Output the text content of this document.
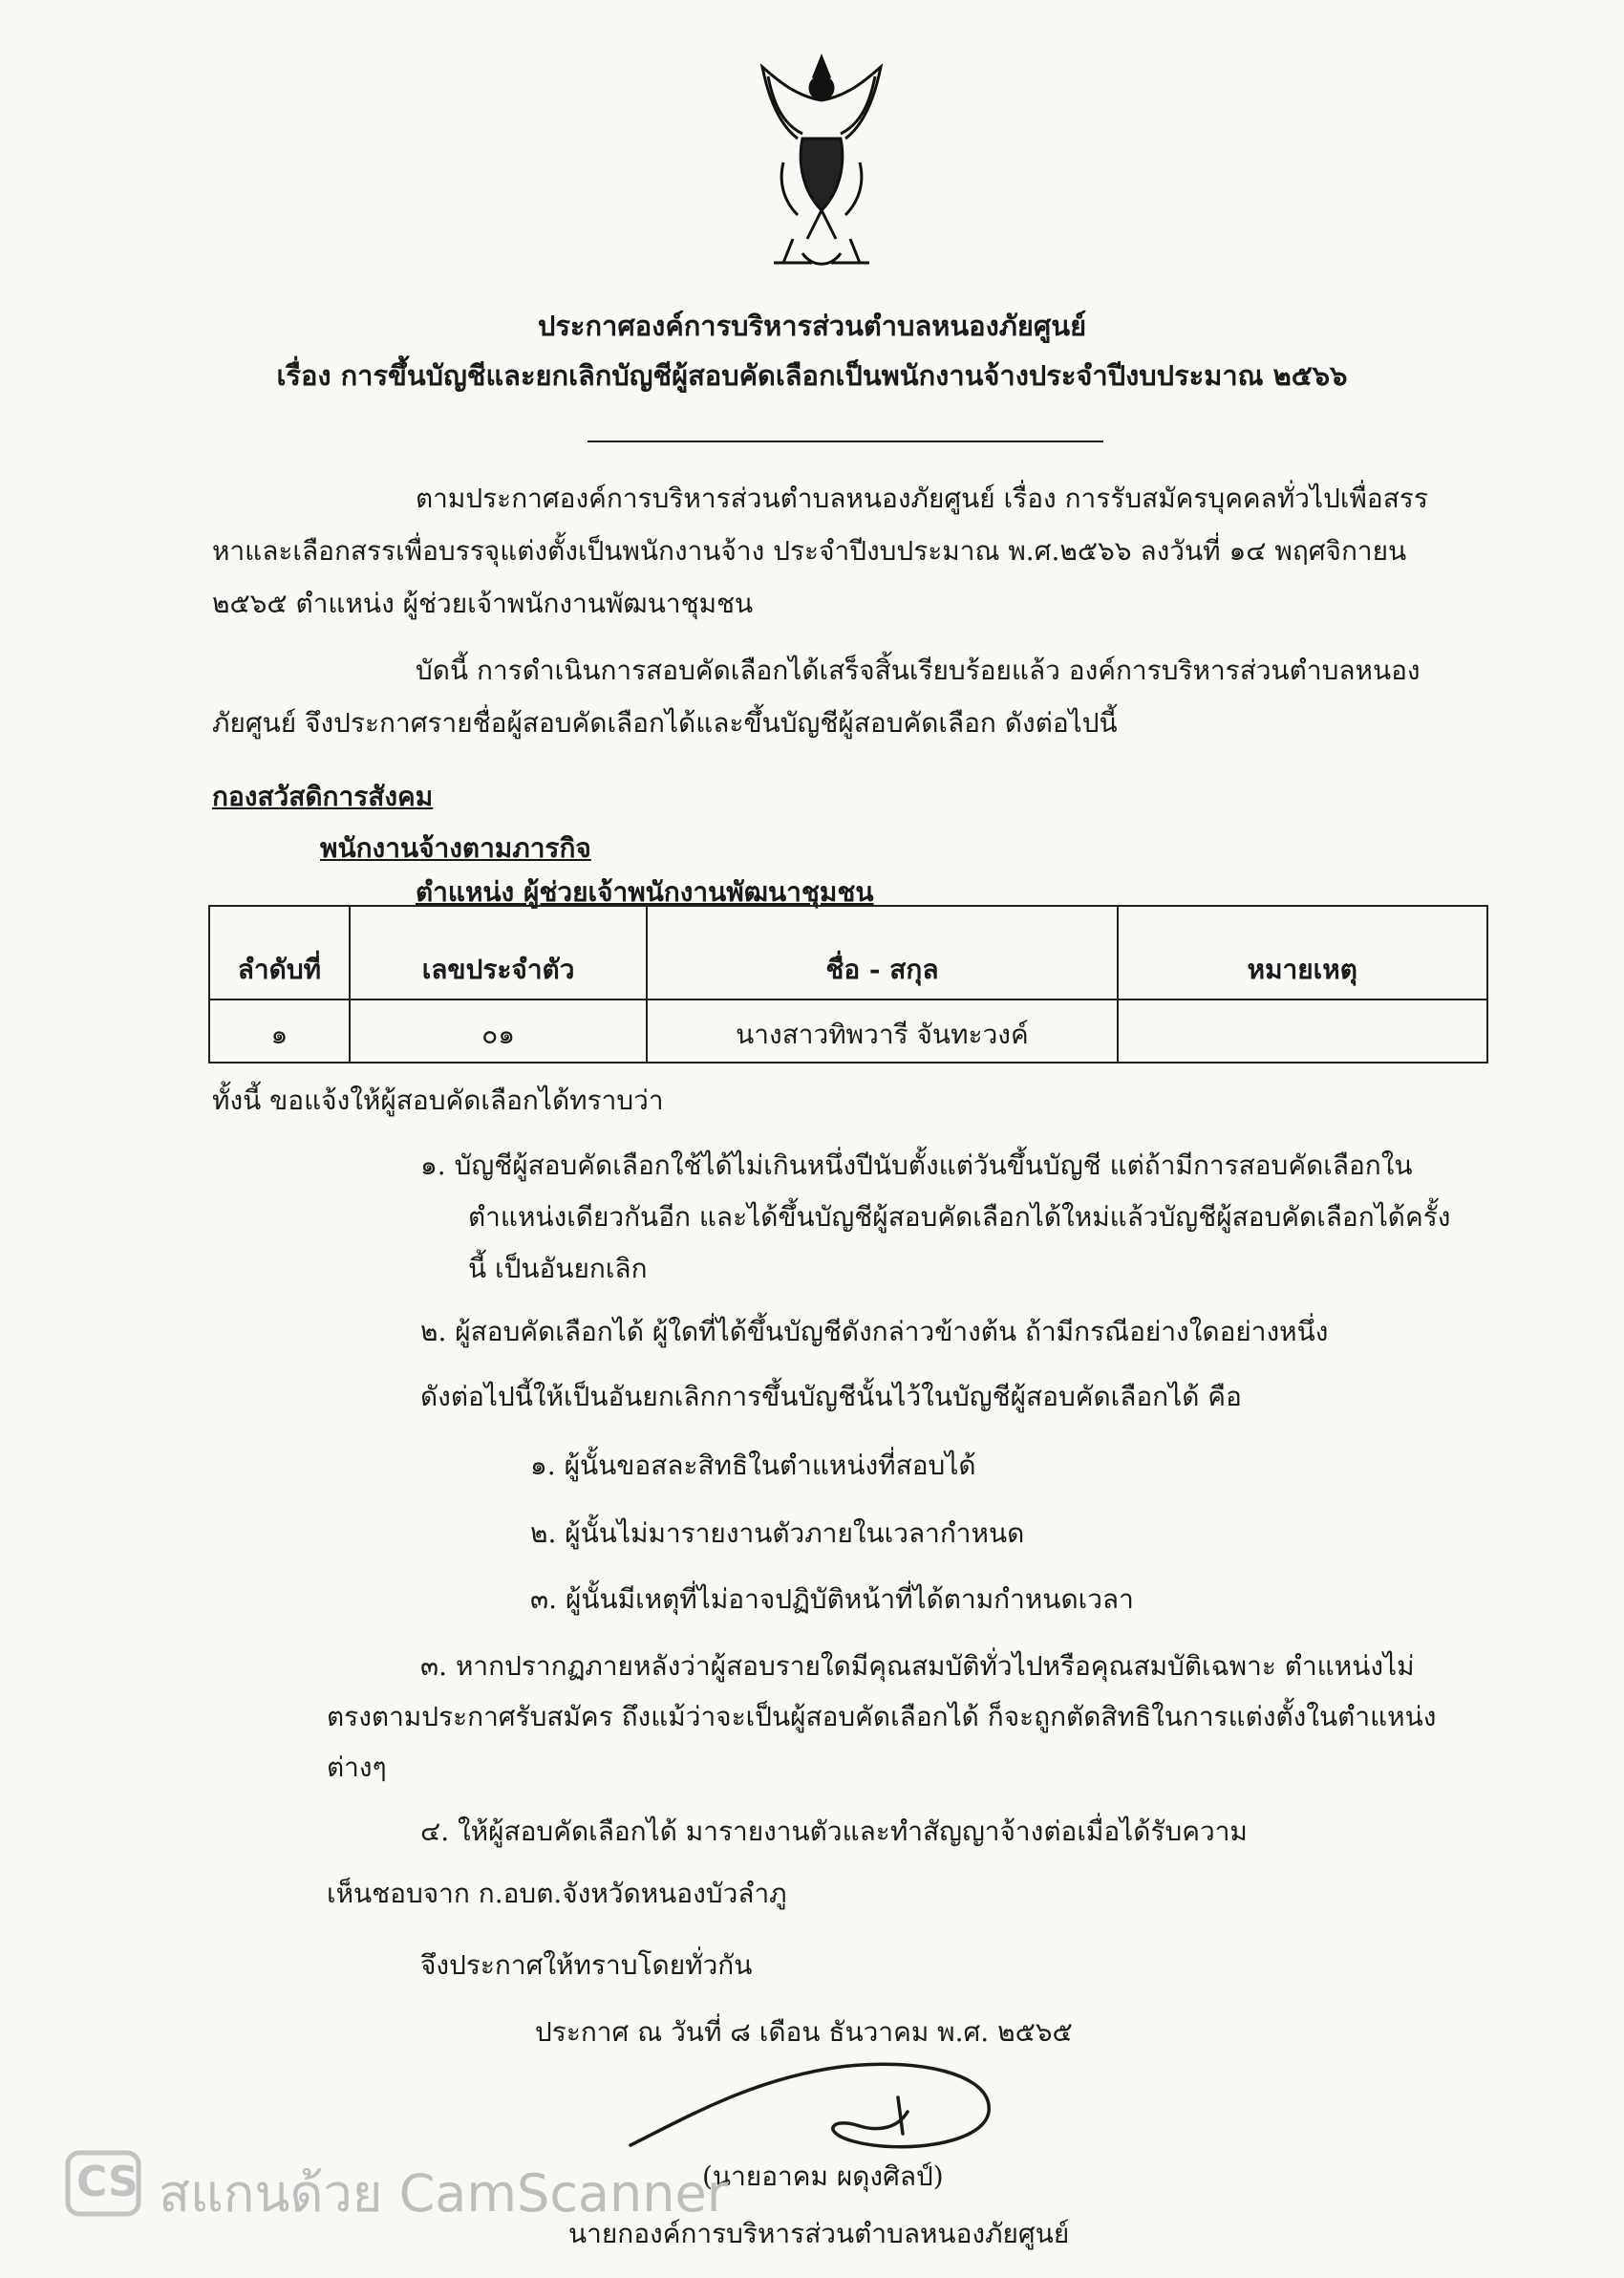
ประกาศองค์การบริหารส่วนตำบลหนองภัยศูนย์
เรื่อง การขึ้นบัญชีและยกเลิกบัญชีผู้สอบคัดเลือกเป็นพนักงานจ้างประจำปีงบประมาณ ๒๕๖๖
ตามประกาศองค์การบริหารส่วนตำบลหนองภัยศูนย์ เรื่อง การรับสมัครบุคคลทั่วไปเพื่อสรร
หาและเลือกสรรเพื่อบรรจุแต่งตั้งเป็นพนักงานจ้าง ประจำปีงบประมาณ พ.ศ.๒๕๖๖ ลงวันที่ ๑๔ พฤศจิกายน
๒๕๖๕ ตำแหน่ง ผู้ช่วยเจ้าพนักงานพัฒนาชุมชน
บัดนี้ การดำเนินการสอบคัดเลือกได้เสร็จสิ้นเรียบร้อยแล้ว องค์การบริหารส่วนตำบลหนอง
ภัยศูนย์ จึงประกาศรายชื่อผู้สอบคัดเลือกได้และขึ้นบัญชีผู้สอบคัดเลือก ดังต่อไปนี้
กองสวัสดิการสังคม
พนักงานจ้างตามภารกิจ
ตำแหน่ง ผู้ช่วยเจ้าพนักงานพัฒนาชุมชน
ลำดับที่	เลขประจำตัว	ชื่อ - สกุล	หมายเหตุ
๑	๐๑	นางสาวทิพวารี จันทะวงค์	
ทั้งนี้ ขอแจ้งให้ผู้สอบคัดเลือกได้ทราบว่า
๑. บัญชีผู้สอบคัดเลือกใช้ได้ไม่เกินหนึ่งปีนับตั้งแต่วันขึ้นบัญชี แต่ถ้ามีการสอบคัดเลือกใน
ตำแหน่งเดียวกันอีก และได้ขึ้นบัญชีผู้สอบคัดเลือกได้ใหม่แล้วบัญชีผู้สอบคัดเลือกได้ครั้ง
นี้ เป็นอันยกเลิก
๒. ผู้สอบคัดเลือกได้ ผู้ใดที่ได้ขึ้นบัญชีดังกล่าวข้างต้น ถ้ามีกรณีอย่างใดอย่างหนึ่ง
ดังต่อไปนี้ให้เป็นอันยกเลิกการขึ้นบัญชีนั้นไว้ในบัญชีผู้สอบคัดเลือกได้ คือ
๑. ผู้นั้นขอสละสิทธิในตำแหน่งที่สอบได้
๒. ผู้นั้นไม่มารายงานตัวภายในเวลากำหนด
๓. ผู้นั้นมีเหตุที่ไม่อาจปฏิบัติหน้าที่ได้ตามกำหนดเวลา
๓. หากปรากฏภายหลังว่าผู้สอบรายใดมีคุณสมบัติทั่วไปหรือคุณสมบัติเฉพาะ ตำแหน่งไม่
ตรงตามประกาศรับสมัคร ถึงแม้ว่าจะเป็นผู้สอบคัดเลือกได้ ก็จะถูกตัดสิทธิในการแต่งตั้งในตำแหน่ง
ต่างๆ
๔. ให้ผู้สอบคัดเลือกได้ มารายงานตัวและทำสัญญาจ้างต่อเมื่อได้รับความ
เห็นชอบจาก ก.อบต.จังหวัดหนองบัวลำภู
จึงประกาศให้ทราบโดยทั่วกัน
ประกาศ ณ วันที่ ๘ เดือน ธันวาคม พ.ศ. ๒๕๖๕
(นายอาคม ผดุงศิลป์)
นายกองค์การบริหารส่วนตำบลหนองภัยศูนย์
CS สแกนด้วย CamScanner
